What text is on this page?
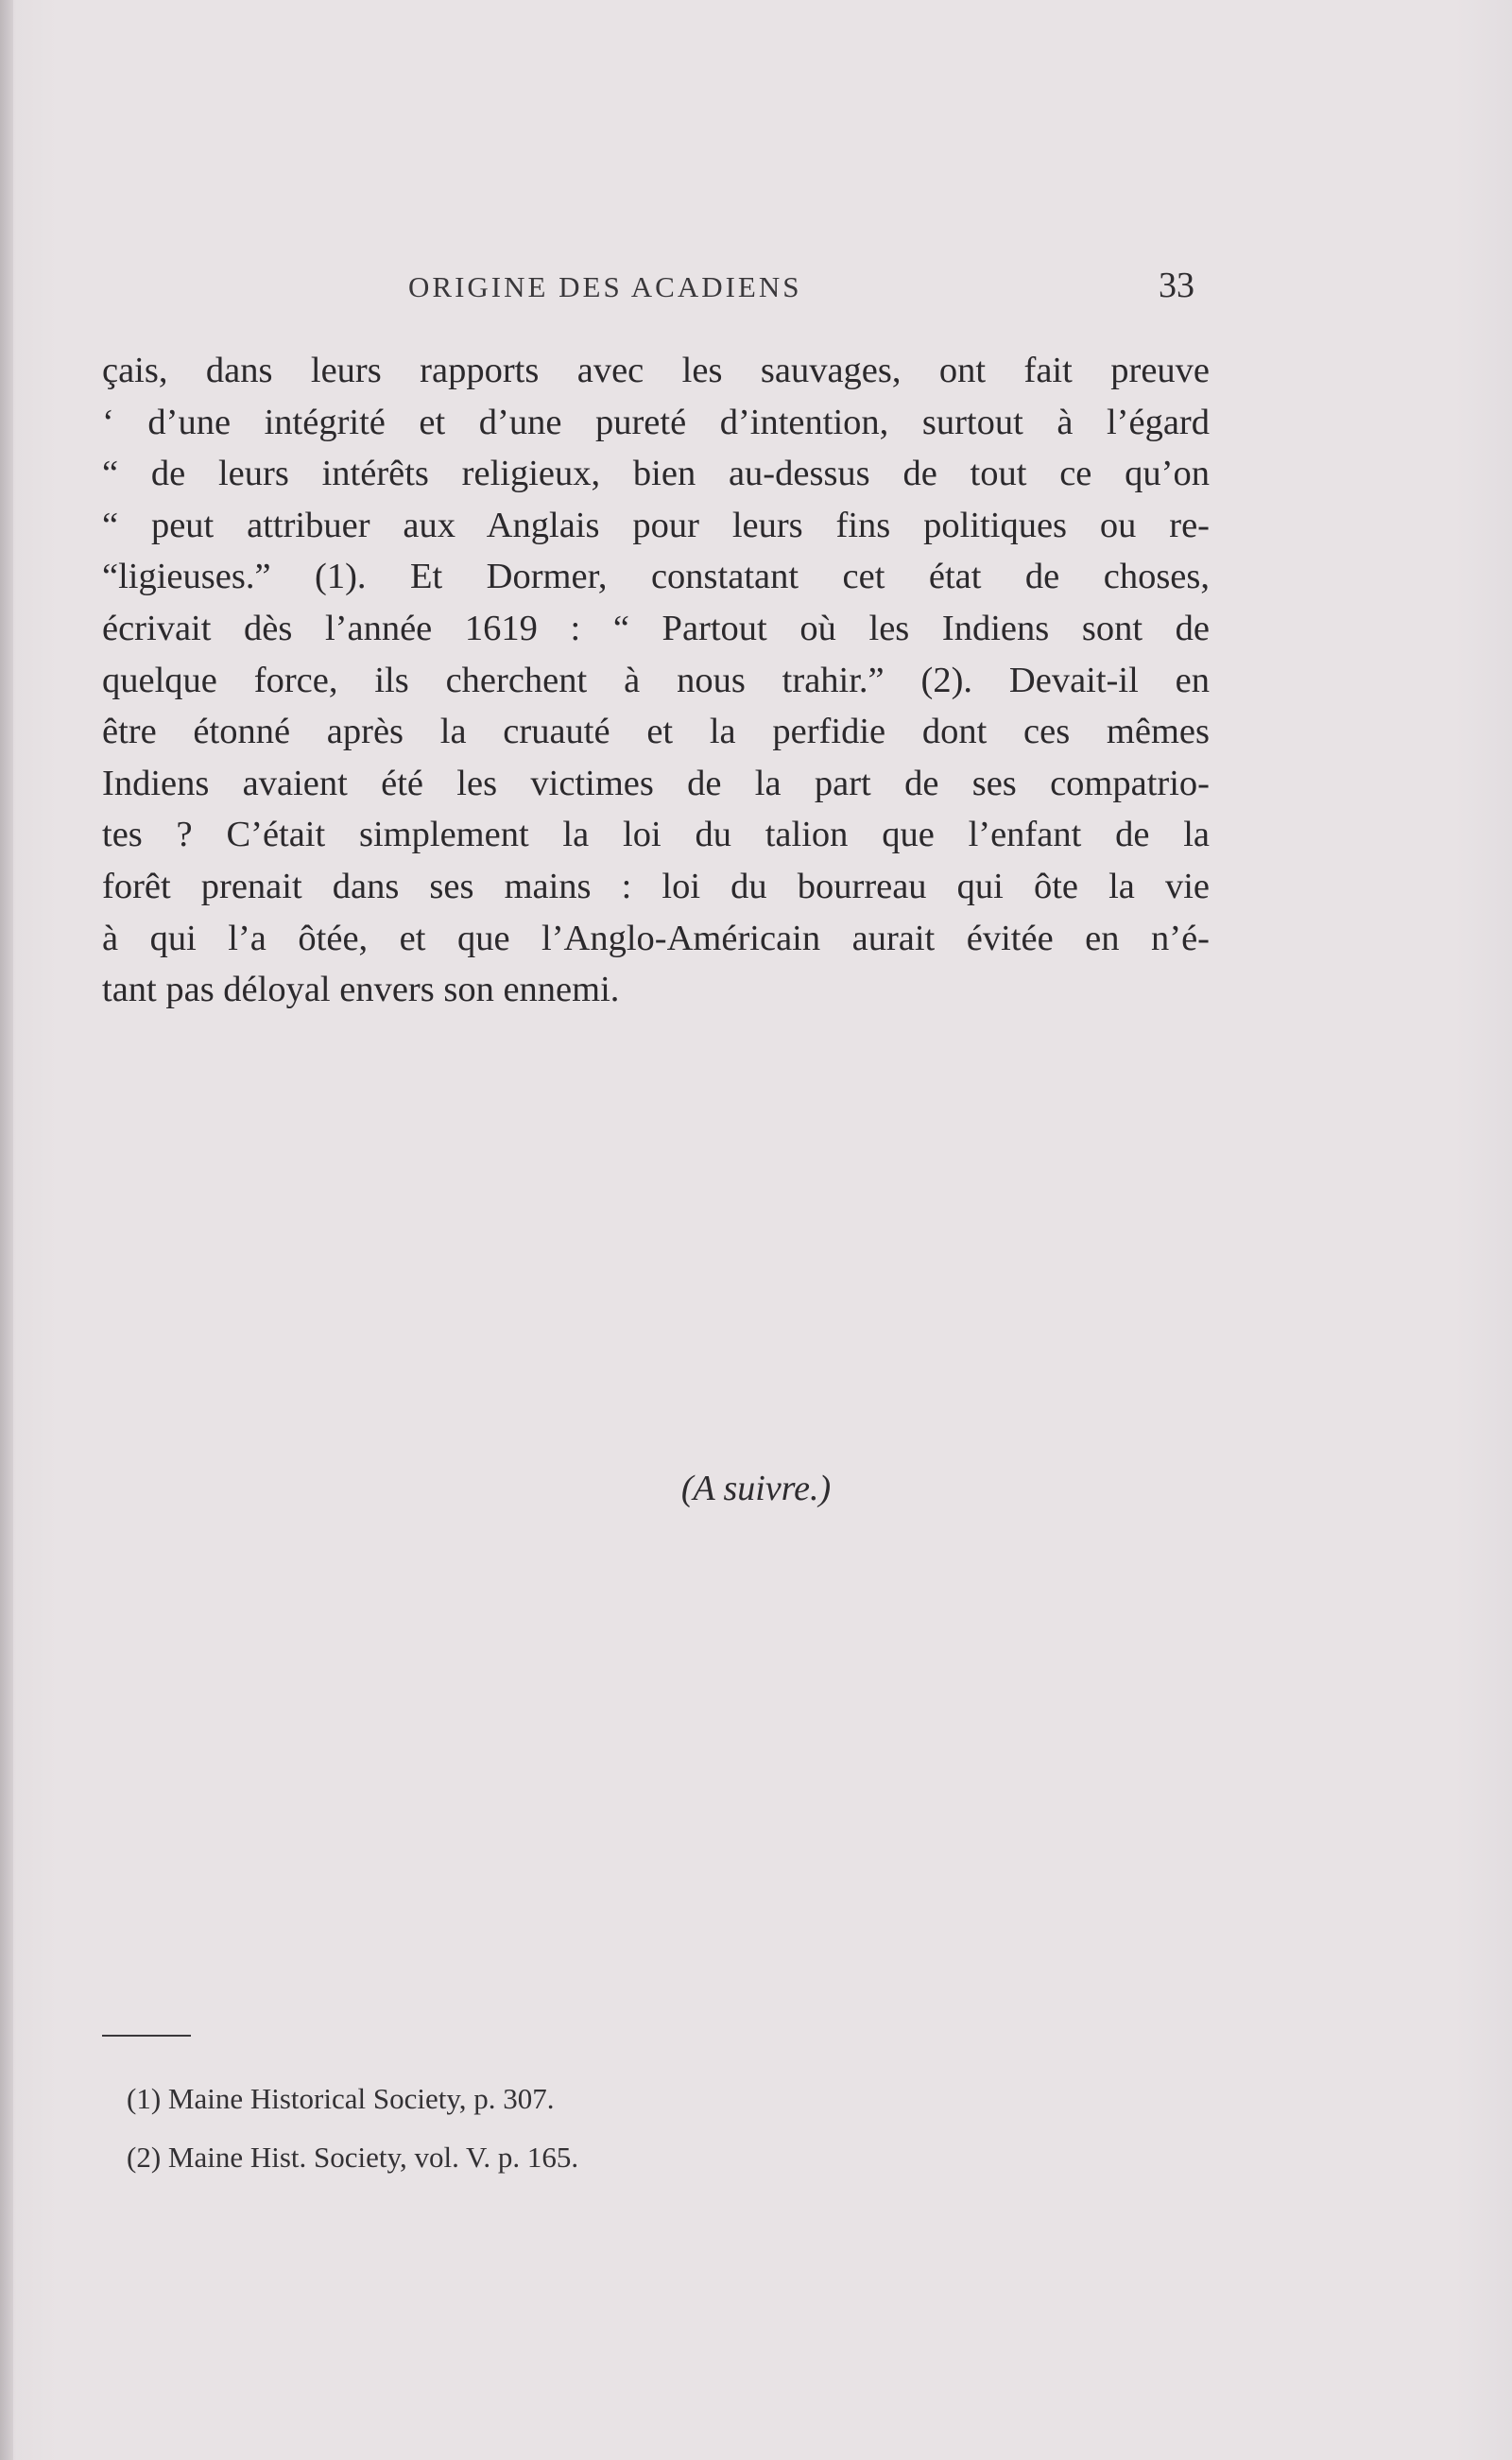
ORIGINE DES ACADIENS	33
çais, dans leurs rapports avec les sauvages, ont fait preuve
‘ d’une intégrité et d’une pureté d’intention, surtout à l’égard
“ de leurs intérêts religieux, bien au-dessus de tout ce qu’on
“ peut attribuer aux Anglais pour leurs fins politiques ou re-
“ligieuses.” (1). Et Dormer, constatant cet état de choses,
écrivait dès l’année 1619 : “ Partout où les Indiens sont de
quelque force, ils cherchent à nous trahir.” (2). Devait-il en
être étonné après la cruauté et la perfidie dont ces mêmes
Indiens avaient été les victimes de la part de ses compatrio-
tes ? C’était simplement la loi du talion que l’enfant de la
forêt prenait dans ses mains : loi du bourreau qui ôte la vie
à qui l’a ôtée, et que l’Anglo-Américain aurait évitée en n’é-
tant pas déloyal envers son ennemi.
(A suivre.)
(1) Maine Historical Society, p. 307.
(2) Maine Hist. Society, vol. V. p. 165.
